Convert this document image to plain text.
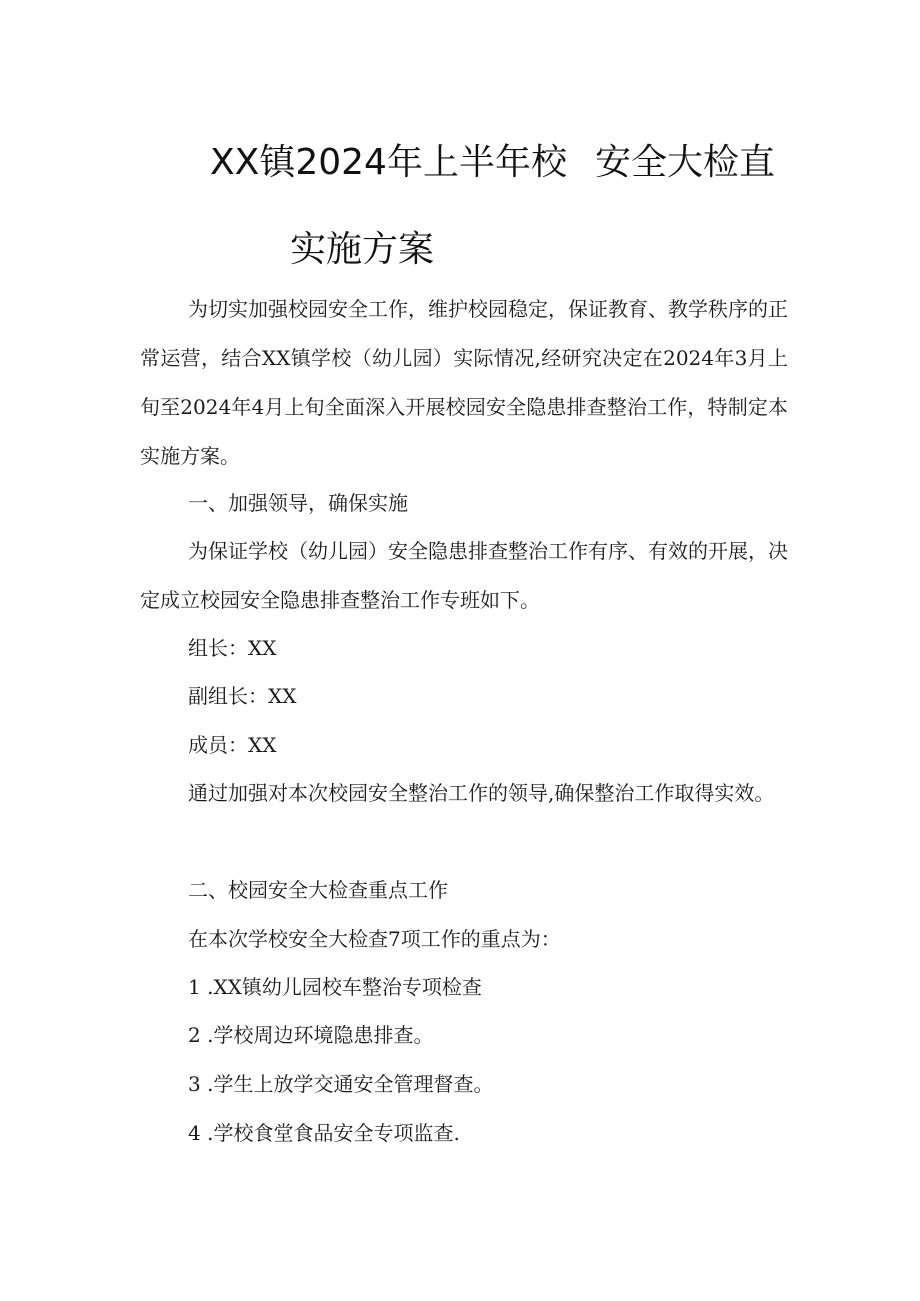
XX镇2024年上半年校 安全大检直
实施方案

为切实加强校园安全工作，维护校园稳定，保证教育、教学秩序的正常运营，结合XX镇学校（幼儿园）实际情况,经研究决定在2024年3月上旬至2024年4月上旬全面深入开展校园安全隐患排查整治工作，特制定本实施方案。

一、加强领导，确保实施

为保证学校（幼儿园）安全隐患排查整治工作有序、有效的开展，决定成立校园安全隐患排查整治工作专班如下。

组长：XX
副组长：XX
成员：XX

通过加强对本次校园安全整治工作的领导,确保整治工作取得实效。

二、校园安全大检查重点工作
在本次学校安全大检查7项工作的重点为：
1 .XX镇幼儿园校车整治专项检查
2 .学校周边环境隐患排查。
3 .学生上放学交通安全管理督查。
4 .学校食堂食品安全专项监查.
